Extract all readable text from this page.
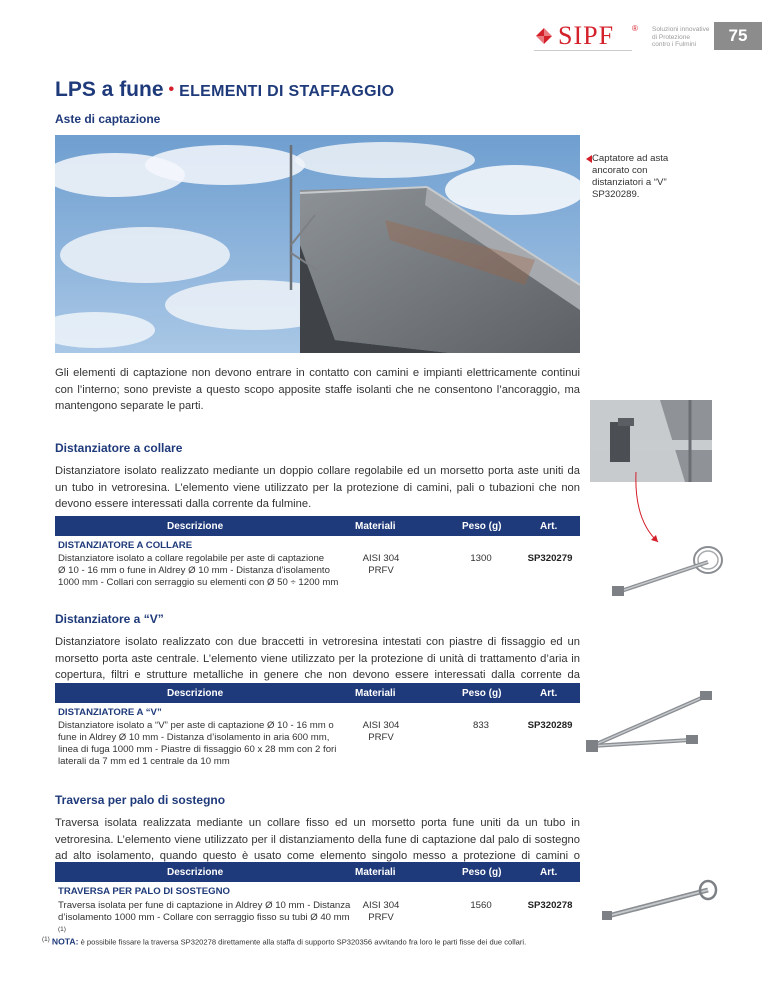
SIPF ® Soluzioni innovative
di Protezione
contro i Fulmini	75
LPS a fune • ELEMENTI DI STAFFAGGIO
Aste di captazione
Captatore ad asta
ancorato con
distanziatori a “V”
SP320289.
Gli elementi di captazione non devono entrare in contatto con camini e impianti elettricamente continui con l’interno; sono previste a questo scopo apposite staffe isolanti che ne consentono l’ancoraggio, ma mantengono separate le parti.
Distanziatore a collare
Distanziatore isolato realizzato mediante un doppio collare regolabile ed un morsetto porta aste uniti da un tubo in vetroresina. L’elemento viene utilizzato per la protezione di camini, pali o tubazioni che non devono essere interessati dalla corrente da fulmine.
Descrizione	Materiali	Peso (g)	Art.
DISTANZIATORE A COLLARE
Distanziatore isolato a collare regolabile per aste di captazione
Ø 10 - 16 mm o fune in Aldrey Ø 10 mm - Distanza d’isolamento
1000 mm - Collari con serraggio su elementi con Ø 50 ÷ 1200 mm
AISI 304
PRFV
1300	SP320279
Distanziatore a “V”
Distanziatore isolato realizzato con due braccetti in vetroresina intestati con piastre di fissaggio ed un morsetto porta aste centrale. L’elemento viene utilizzato per la protezione di unità di trattamento d’aria in copertura, filtri e strutture metalliche in genere che non devono essere interessati dalla corrente da
Descrizione	Materiali	Peso (g)	Art.
DISTANZIATORE A “V”
Distanziatore isolato a “V” per aste di captazione Ø 10 - 16 mm o
fune in Aldrey Ø 10 mm - Distanza d’isolamento in aria 600 mm,
linea di fuga 1000 mm - Piastre di fissaggio 60 x 28 mm con 2 fori
laterali da 7 mm ed 1 centrale da 10 mm
AISI 304
PRFV
833	SP320289
Traversa per palo di sostegno
Traversa isolata realizzata mediante un collare fisso ed un morsetto porta fune uniti da un tubo in vetroresina. L’elemento viene utilizzato per il distanziamento della fune di captazione dal palo di sostegno ad alto isolamento, quando questo è usato come elemento singolo messo a protezione di camini o
Descrizione	Materiali	Peso (g)	Art.
TRAVERSA PER PALO DI SOSTEGNO
Traversa isolata per fune di captazione in Aldrey Ø 10 mm - Distanza
d’isolamento 1000 mm - Collare con serraggio fisso su tubi Ø 40 mm $^{(1)}$
AISI 304
PRFV
1560	SP320278
$^{(1)}$ NOTA: è possibile fissare la traversa SP320278 direttamente alla staffa di supporto SP320356 avvitando fra loro le parti fisse dei due collari.
